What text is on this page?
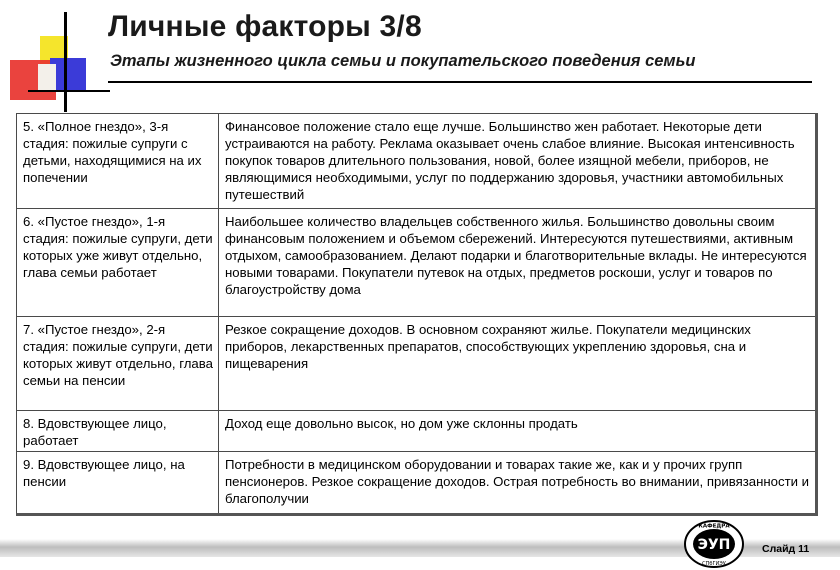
Личные факторы 3/8
Этапы жизненного цикла семьи и покупательского поведения семьи
5. «Полное гнездо», 3-я стадия: пожилые супруги с детьми, находящимися на их попечении	Финансовое положение стало еще лучше. Большинство жен работает. Некоторые дети устраиваются на работу. Реклама оказывает очень слабое влияние. Высокая интенсивность покупок товаров длительного пользования, новой, более изящной мебели, приборов, не являющимися необходимыми, услуг по поддержанию здоровья, участники автомобильных путешествий
6. «Пустое гнездо», 1-я стадия: пожилые супруги, дети которых уже живут отдельно, глава семьи работает	Наибольшее количество владельцев собственного жилья. Большинство довольны своим финансовым положением и объемом сбережений. Интересуются путешествиями, активным отдыхом, самообразованием. Делают подарки и благотворительные вклады. Не интересуются новыми товарами. Покупатели путевок на отдых, предметов роскоши, услуг и товаров по благоустройству дома
7. «Пустое гнездо», 2-я стадия: пожилые супруги, дети которых живут отдельно, глава семьи на пенсии	Резкое сокращение доходов. В основном сохраняют жилье. Покупатели медицинских приборов, лекарственных препаратов, способствующих укреплению здоровья, сна и пищеварения
8. Вдовствующее лицо, работает	Доход еще довольно высок, но дом уже склонны продать
9. Вдовствующее лицо, на пенсии	Потребности в медицинском оборудовании и товарах такие же, как и у прочих групп пенсионеров. Резкое сокращение доходов. Острая потребность во внимании, привязанности и благополучии
КАФЕДРА
ЭУП
СПбГИЭУ
Слайд 11
